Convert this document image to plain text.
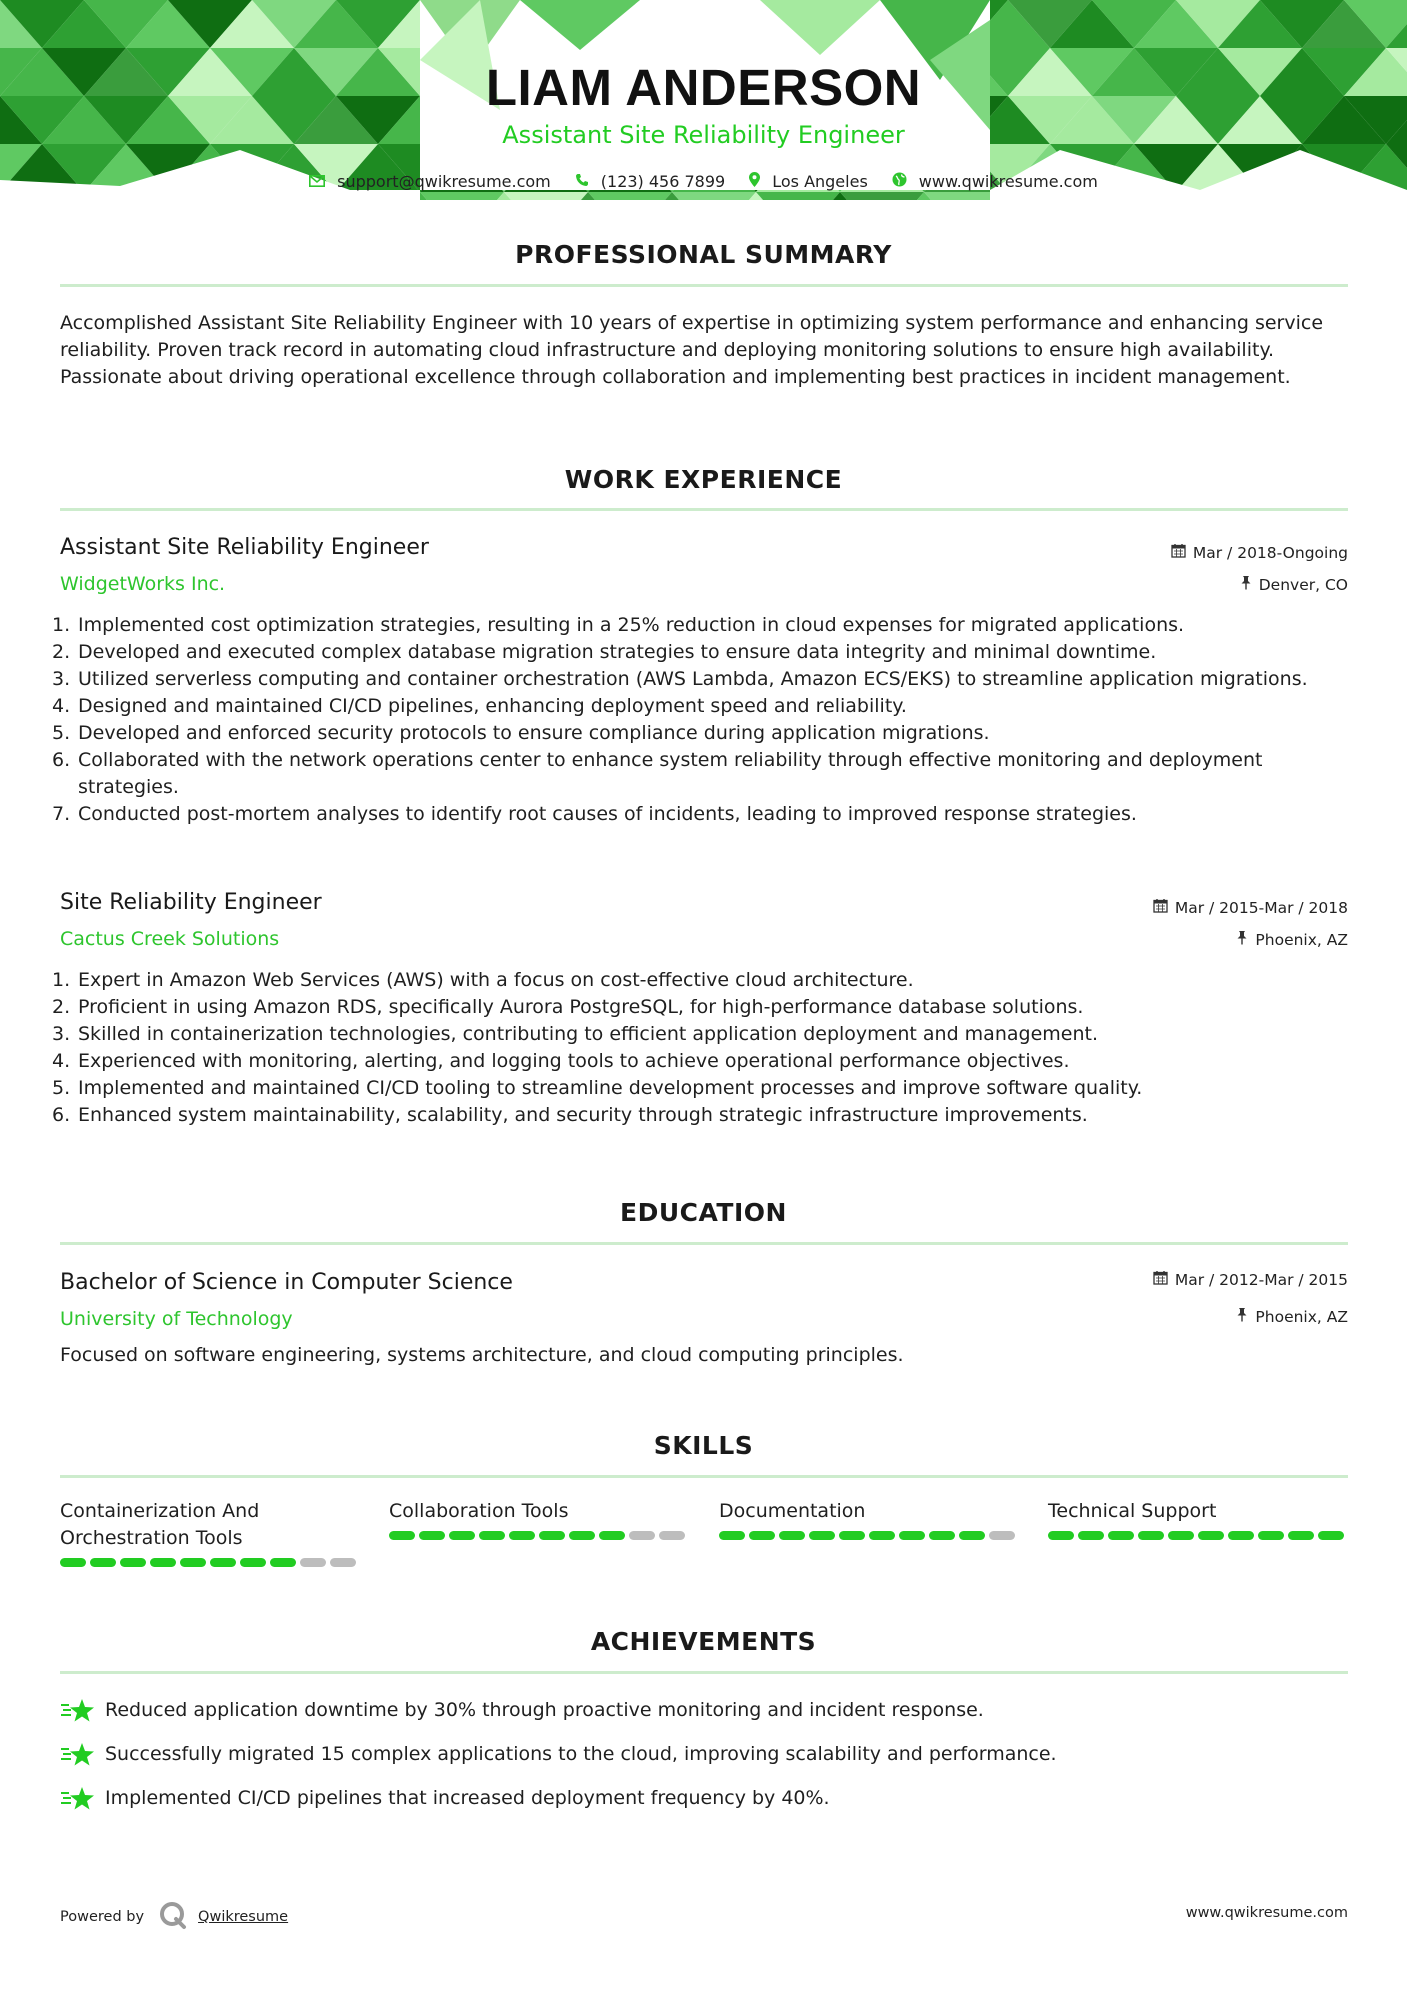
LIAM ANDERSON
Assistant Site Reliability Engineer
support@qwikresume.com	(123) 456 7899	Los Angeles	www.qwikresume.com
PROFESSIONAL SUMMARY
Accomplished Assistant Site Reliability Engineer with 10 years of expertise in optimizing system performance and enhancing service reliability. Proven track record in automating cloud infrastructure and deploying monitoring solutions to ensure high availability. Passionate about driving operational excellence through collaboration and implementing best practices in incident management.
WORK EXPERIENCE
Assistant Site Reliability Engineer
WidgetWorks Inc.
Mar / 2018-Ongoing
Denver, CO
1. Implemented cost optimization strategies, resulting in a 25% reduction in cloud expenses for migrated applications.
2. Developed and executed complex database migration strategies to ensure data integrity and minimal downtime.
3. Utilized serverless computing and container orchestration (AWS Lambda, Amazon ECS/EKS) to streamline application migrations.
4. Designed and maintained CI/CD pipelines, enhancing deployment speed and reliability.
5. Developed and enforced security protocols to ensure compliance during application migrations.
6. Collaborated with the network operations center to enhance system reliability through effective monitoring and deployment strategies.
7. Conducted post-mortem analyses to identify root causes of incidents, leading to improved response strategies.
Site Reliability Engineer
Cactus Creek Solutions
Mar / 2015-Mar / 2018
Phoenix, AZ
1. Expert in Amazon Web Services (AWS) with a focus on cost-effective cloud architecture.
2. Proficient in using Amazon RDS, specifically Aurora PostgreSQL, for high-performance database solutions.
3. Skilled in containerization technologies, contributing to efficient application deployment and management.
4. Experienced with monitoring, alerting, and logging tools to achieve operational performance objectives.
5. Implemented and maintained CI/CD tooling to streamline development processes and improve software quality.
6. Enhanced system maintainability, scalability, and security through strategic infrastructure improvements.
EDUCATION
Bachelor of Science in Computer Science
University of Technology
Mar / 2012-Mar / 2015
Phoenix, AZ
Focused on software engineering, systems architecture, and cloud computing principles.
SKILLS
Containerization And Orchestration Tools
Collaboration Tools	Documentation	Technical Support
ACHIEVEMENTS
Reduced application downtime by 30% through proactive monitoring and incident response.
Successfully migrated 15 complex applications to the cloud, improving scalability and performance.
Implemented CI/CD pipelines that increased deployment frequency by 40%.
Powered by	Qwikresume	www.qwikresume.com
